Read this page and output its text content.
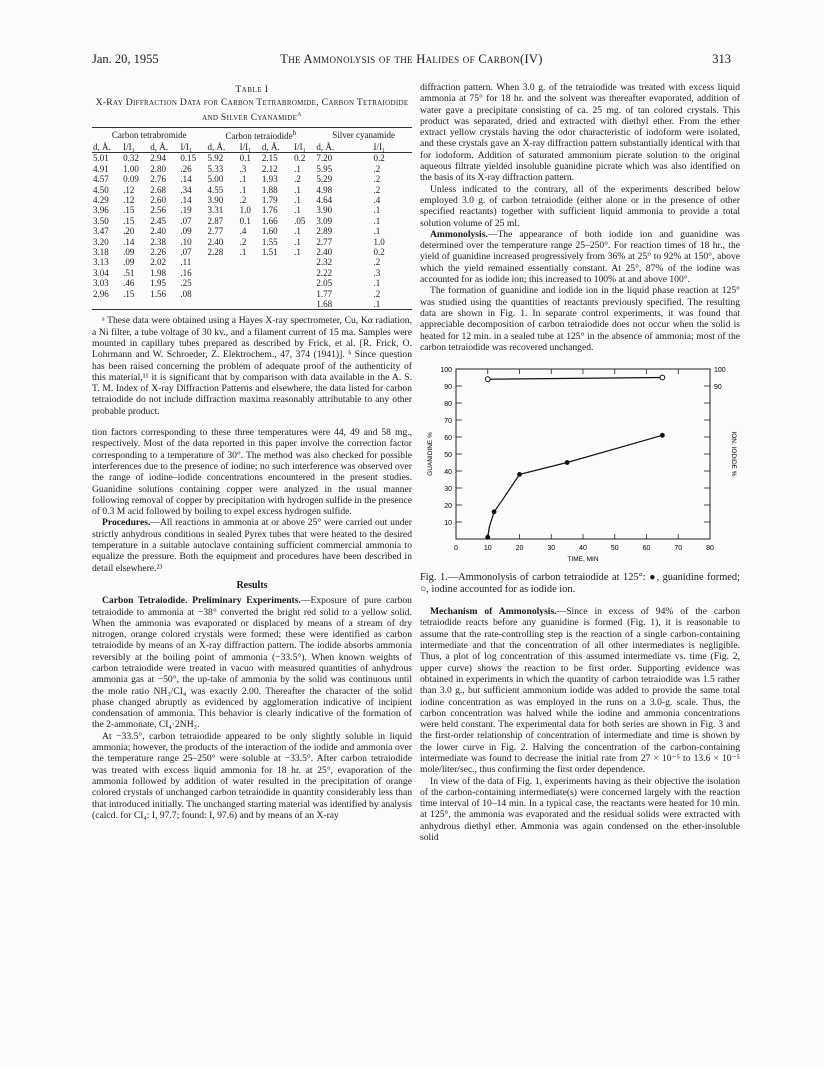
Jan. 20, 1955	The Ammonolysis of the Halides of Carbon(IV)	313
Table I
X-Ray Diffraction Data for Carbon Tetrabromide, Carbon Tetraiodide and Silver Cyanamide$^a$
Carbon tetrabromide				Carbon tetraiodide$^b$				Silver cyanamide	
d, Å.	I/I₁	d, Å.	I/I₁	d, Å.	I/I₁	d, Å.	I/I₁	d, Å.	I/I₁
5.01	0.32	2.94	0.15	5.92	0.1	2.15	0.2	7.20	0.2
4.91	1.00	2.80	.26	5.33	.3	2.12	.1	5.95	.2
4.57	0.09	2.76	.14	5.00	.1	1.93	.2	5.29	.2
4.50	.12	2.68	.34	4.55	.1	1.88	.1	4.98	.2
4.29	.12	2.60	.14	3.90	.2	1.79	.1	4.64	.4
3.96	.15	2.56	.19	3.31	1.0	1.76	.1	3.90	.1
3.50	.15	2.45	.07	2.87	0.1	1.66	.05	3.09	.1
3.47	.20	2.40	.09	2.77	.4	1.60	.1	2.89	.1
3.20	.14	2.38	.10	2.40	.2	1.55	.1	2.77	1.0
3.18	.09	2.26	.07	2.28	.1	1.51	.1	2.40	0.2
3.13	.09	2.02	.11					2.32	.2
3.04	.51	1.98	.16					2.22	.3
3.03	.46	1.95	.25					2.05	.1
2.96	.15	1.56	.08					1.77	.2
								1.68	.1

ᵃ These data were obtained using a Hayes X-ray spectrometer, Cu, Kα radiation, a Ni filter, a tube voltage of 30 kv., and a filament current of 15 ma. Samples were mounted in capillary tubes prepared as described by Frick, et al. [R. Frick, O. Lohrmann and W. Schroeder, Z. Elektrochem., 47, 374 (1941)]. ᵇ Since question has been raised concerning the problem of adequate proof of the authenticity of this material,¹¹ it is significant that by comparison with data available in the A. S. T. M. Index of X-ray Diffraction Patterns and elsewhere, the data listed for carbon tetraiodide do not include diffraction maxima reasonably attributable to any other probable product.

tion factors corresponding to these three temperatures were 44, 49 and 58 mg., respectively. Most of the data reported in this paper involve the correction factor corresponding to a temperature of 30°. The method was also checked for possible interferences due to the presence of iodine; no such interference was observed over the range of iodine–iodide concentrations encountered in the present studies. Guanidine solutions containing copper were analyzed in the usual manner following removal of copper by precipitation with hydrogen sulfide in the presence of 0.3 M acid followed by boiling to expel excess hydrogen sulfide.

Procedures.—All reactions in ammonia at or above 25° were carried out under strictly anhydrous conditions in sealed Pyrex tubes that were heated to the desired temperature in a suitable autoclave containing sufficient commercial ammonia to equalize the pressure. Both the equipment and procedures have been described in detail elsewhere.²³

Results

Carbon Tetraiodide. Preliminary Experiments.—Exposure of pure carbon tetraiodide to ammonia at −38° converted the bright red solid to a yellow solid. When the ammonia was evaporated or displaced by means of a stream of dry nitrogen, orange colored crystals were formed; these were identified as carbon tetraiodide by means of an X-ray diffraction pattern. The iodide absorbs ammonia reversibly at the boiling point of ammonia (−33.5°). When known weights of carbon tetraiodide were treated in vacuo with measured quantities of anhydrous ammonia gas at −50°, the up-take of ammonia by the solid was continuous until the mole ratio NH₃/CI₄ was exactly 2.00. Thereafter the character of the solid phase changed abruptly as evidenced by agglomeration indicative of incipient condensation of ammonia. This behavior is clearly indicative of the formation of the 2-ammonate, CI₄·2NH₃.

At −33.5°, carbon tetraiodide appeared to be only slightly soluble in liquid ammonia; however, the products of the interaction of the iodide and ammonia over the temperature range 25–250° were soluble at −33.5°. After carbon tetraiodide was treated with excess liquid ammonia for 18 hr. at 25°, evaporation of the ammonia followed by addition of water resulted in the precipitation of orange colored crystals of unchanged carbon tetraiodide in quantity considerably less than that introduced initially. The unchanged starting material was identified by analysis (calcd. for CI₄: I, 97.7; found: I, 97.6) and by means of an X-ray

diffraction pattern. When 3.0 g. of the tetraiodide was treated with excess liquid ammonia at 75° for 18 hr. and the solvent was thereafter evaporated, addition of water gave a precipitate consisting of ca. 25 mg. of tan colored crystals. This product was separated, dried and extracted with diethyl ether. From the ether extract yellow crystals having the odor characteristic of iodoform were isolated, and these crystals gave an X-ray diffraction pattern substantially identical with that for iodoform. Addition of saturated ammonium picrate solution to the original aqueous filtrate yielded insoluble guanidine picrate which was also identified on the basis of its X-ray diffraction pattern.

Unless indicated to the contrary, all of the experiments described below employed 3.0 g. of carbon tetraiodide (either alone or in the presence of other specified reactants) together with sufficient liquid ammonia to provide a total solution volume of 25 ml.

Ammonolysis.—The appearance of both iodide ion and guanidine was determined over the temperature range 25–250°. For reaction times of 18 hr., the yield of guanidine increased progressively from 36% at 25° to 92% at 150°, above which the yield remained essentially constant. At 25°, 87% of the iodine was accounted for as iodide ion; this increased to 100% at and above 100°.

The formation of guanidine and iodide ion in the liquid phase reaction at 125° was studied using the quantities of reactants previously specified. The resulting data are shown in Fig. 1. In separate control experiments, it was found that appreciable decomposition of carbon tetraiodide does not occur when the solid is heated for 12 min. in a sealed tube at 125° in the absence of ammonia; most of the carbon tetraiodide was recovered unchanged.

10
20
30
40
50
60
70
80
90	90
100	100
0	10	20	30	40	50	60	70	80
TIME, MIN
GUANIDINE %	ION, IODIDE %
Fig. 1.—Ammonolysis of carbon tetraiodide at 125°: ●, guanidine formed; ○, iodine accounted for as iodide ion.

Mechanism of Ammonolysis.—Since in excess of 94% of the carbon tetraiodide reacts before any guanidine is formed (Fig. 1), it is reasonable to assume that the rate-controlling step is the reaction of a single carbon-containing intermediate and that the concentration of all other intermediates is negligible. Thus, a plot of log concentration of this assumed intermediate vs. time (Fig. 2, upper curve) shows the reaction to be first order. Supporting evidence was obtained in experiments in which the quantity of carbon tetraiodide was 1.5 rather than 3.0 g., but sufficient ammonium iodide was added to provide the same total iodine concentration as was employed in the runs on a 3.0-g. scale. Thus, the carbon concentration was halved while the iodine and ammonia concentrations were held constant. The experimental data for both series are shown in Fig. 3 and the first-order relationship of concentration of intermediate and time is shown by the lower curve in Fig. 2. Halving the concentration of the carbon-containing intermediate was found to decrease the initial rate from 27 × 10⁻⁵ to 13.6 × 10⁻⁵ mole/liter/sec., thus confirming the first order dependence.

In view of the data of Fig. 1, experiments having as their objective the isolation of the carbon-containing intermediate(s) were concerned largely with the reaction time interval of 10–14 min. In a typical case, the reactants were heated for 10 min. at 125°, the ammonia was evaporated and the residual solids were extracted with anhydrous diethyl ether. Ammonia was again condensed on the ether-insoluble solid
